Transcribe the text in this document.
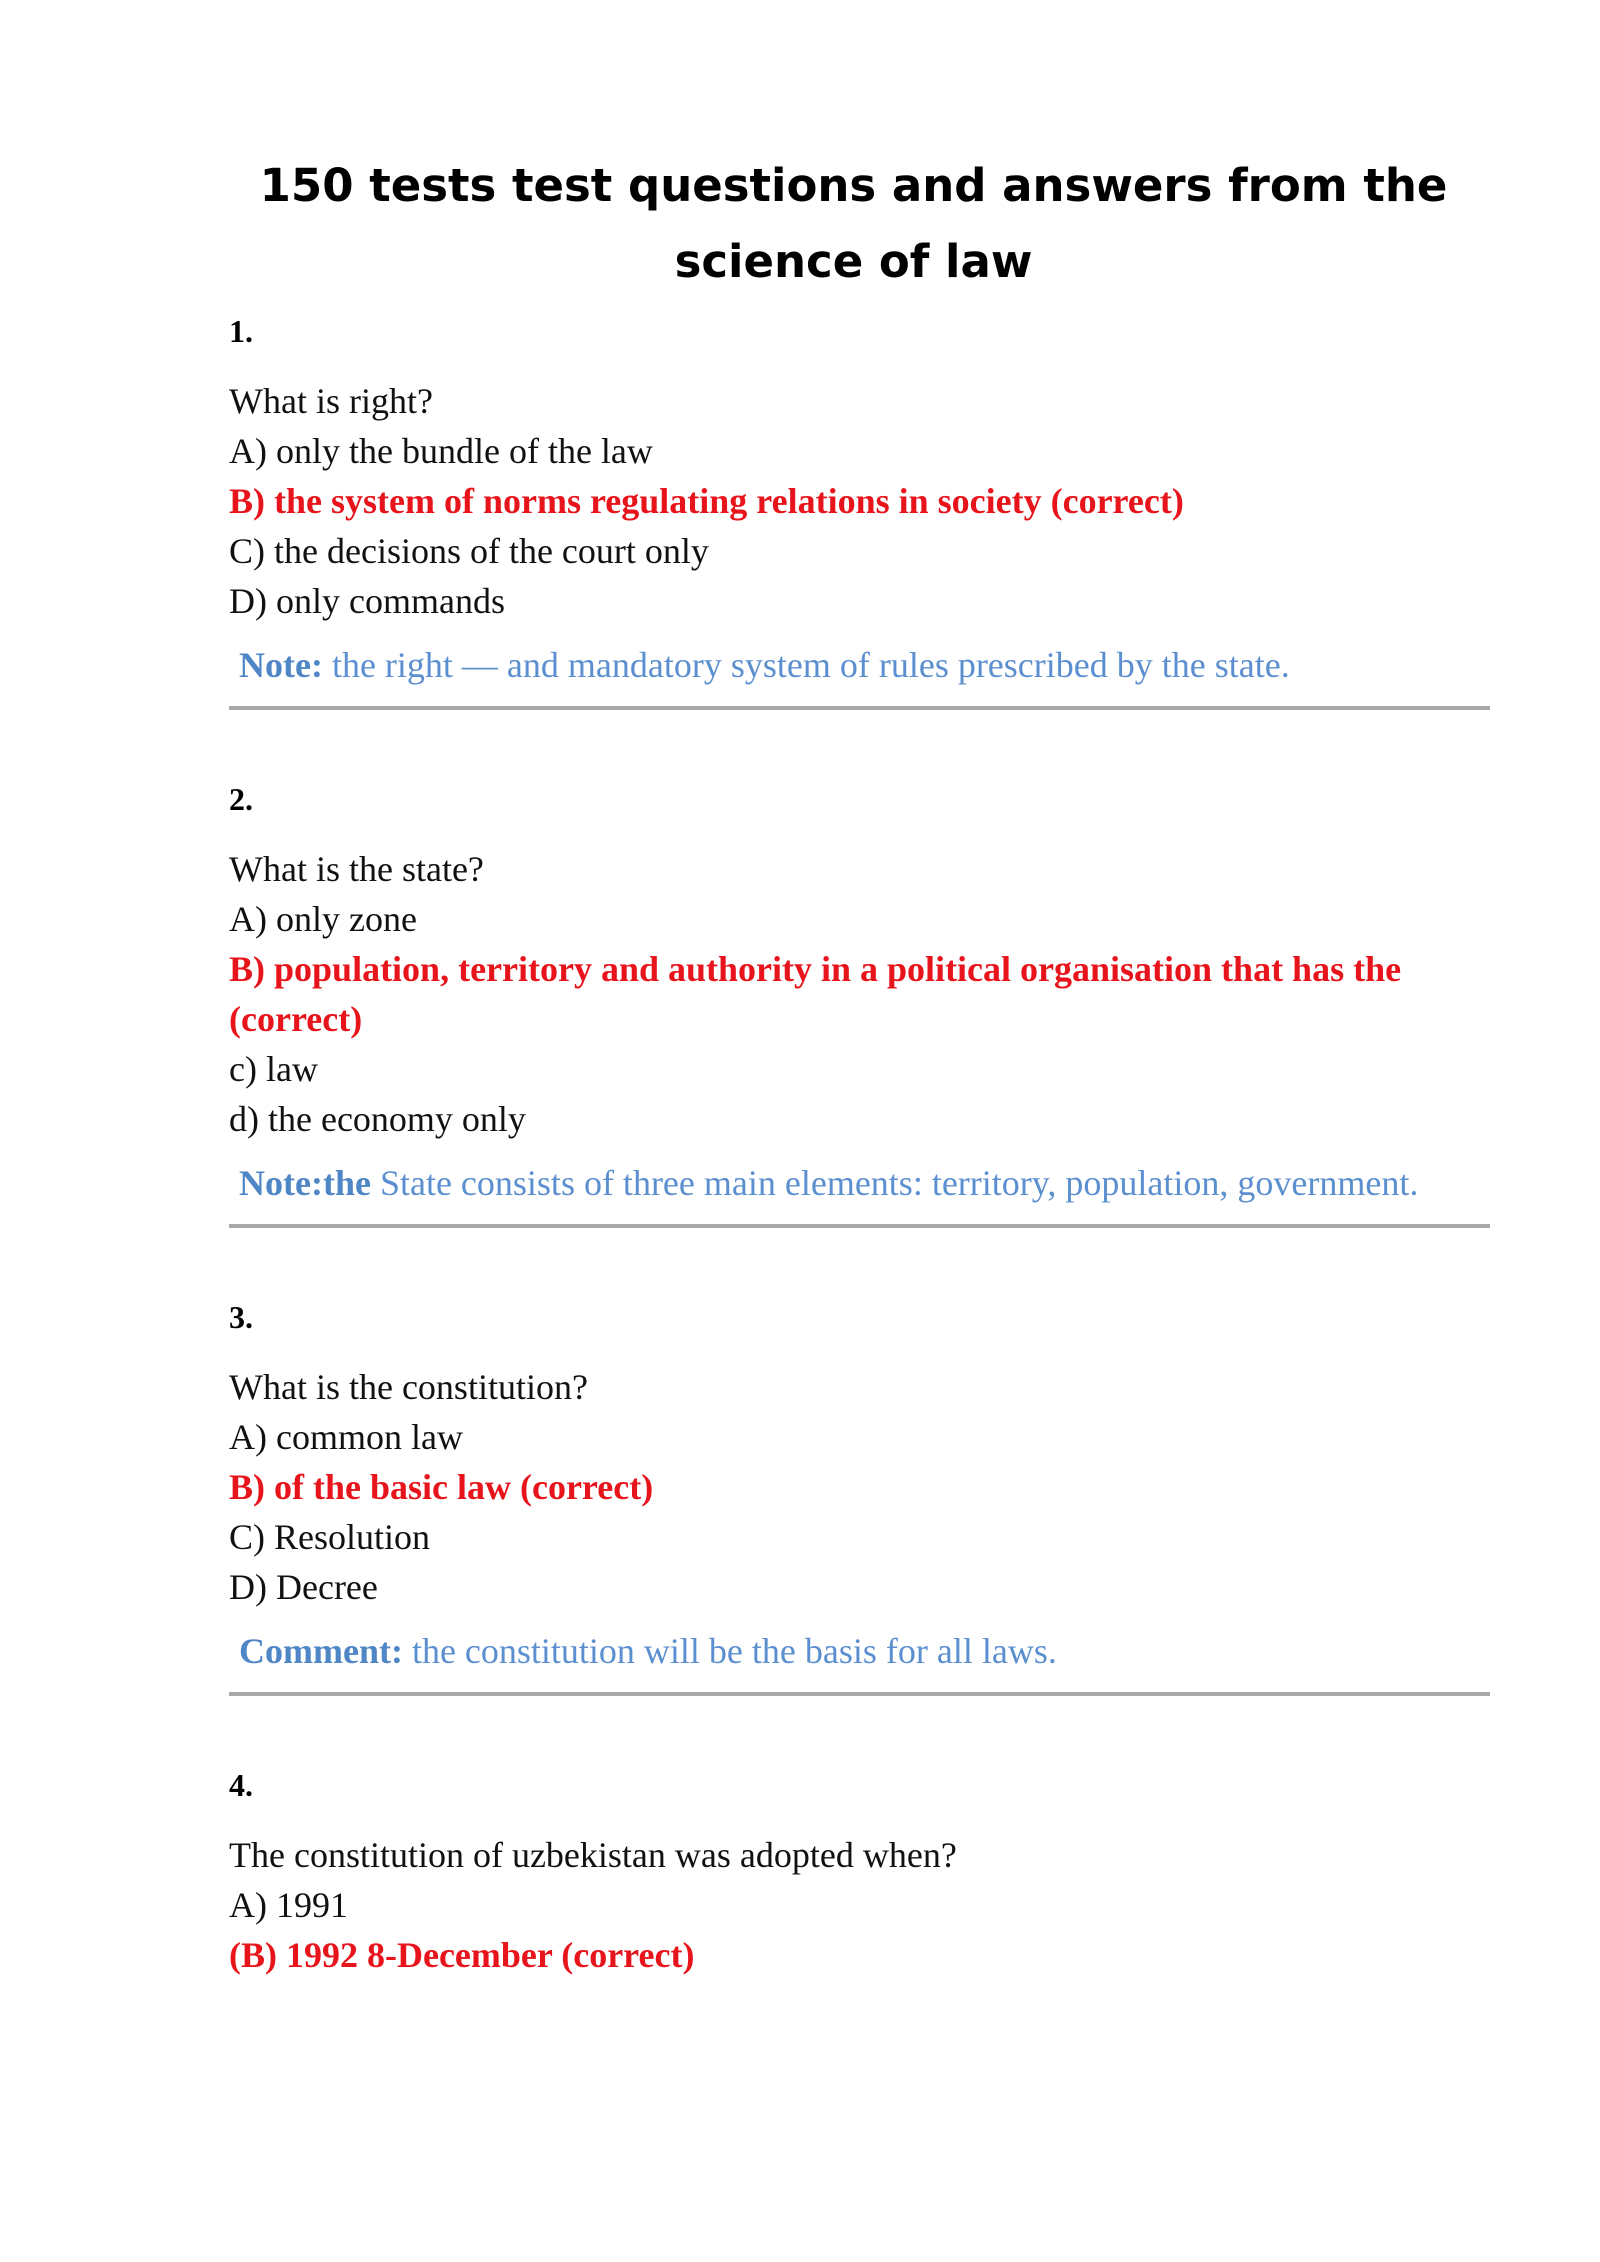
150 tests test questions and answers from the
science of law

1.

What is right?

A) only the bundle of the law

B) the system of norms regulating relations in society (correct)

C) the decisions of the court only

D) only commands

Note: the right — and mandatory system of rules prescribed by the state.

2.

What is the state?

A) only zone

B) population, territory and authority in a political organisation that has the

(correct)

c) law

d) the economy only

Note:the State consists of three main elements: territory, population, government.

3.

What is the constitution?

A) common law

B) of the basic law (correct)

C) Resolution

D) Decree

Comment: the constitution will be the basis for all laws.

4.

The constitution of uzbekistan was adopted when?

A) 1991

(B) 1992 8-December (correct)
